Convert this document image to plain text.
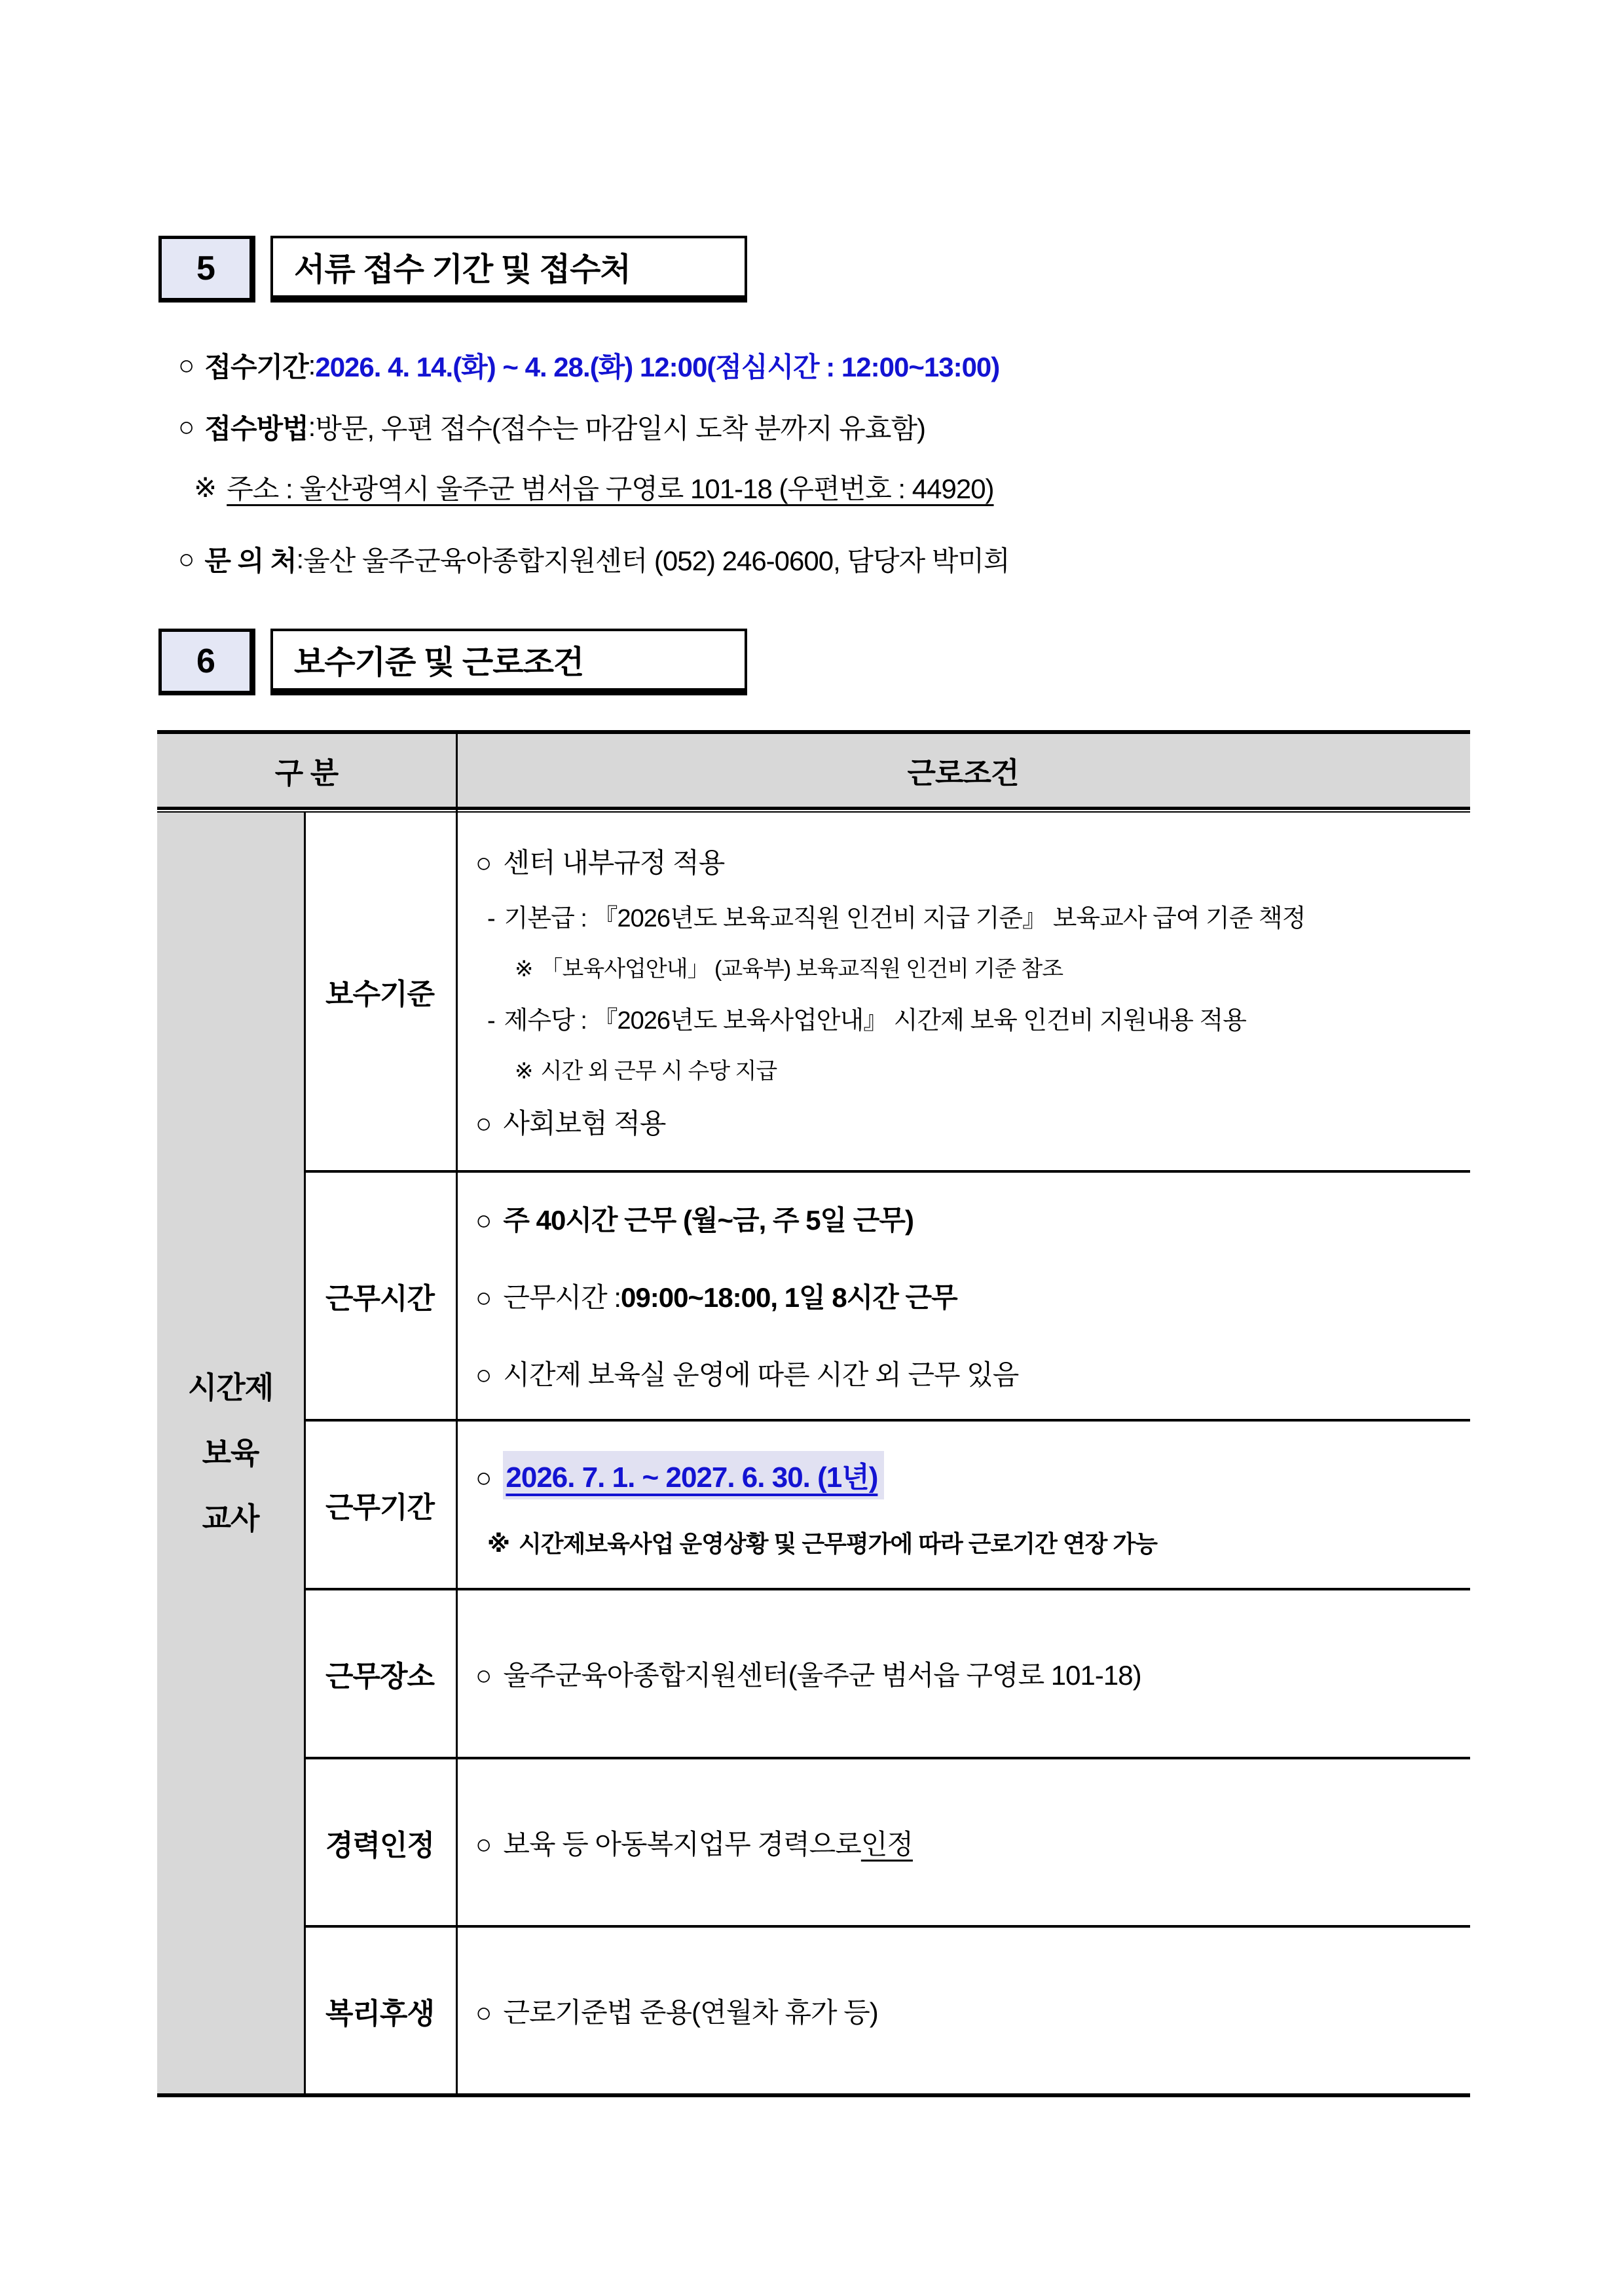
5 서류 접수 기간 및 접수처
○ 접수기간 : 2026. 4. 14.(화) ~ 4. 28.(화) 12:00(점심시간 : 12:00~13:00)
○ 접수방법 : 방문, 우편 접수(접수는 마감일시 도착 분까지 유효함)
※ 주소 : 울산광역시 울주군 범서읍 구영로 101-18 (우편번호 : 44920)
○ 문 의 처 : 울산 울주군육아종합지원센터 (052) 246-0600, 담당자 박미희
6 보수기준 및 근로조건
구 분	근로조건
시간제
보육
교사
보수기준
근무시간
근무기간
근무장소
경력인정
복리후생
○ 센터 내부규정 적용
- 기본급 : 『2026년도 보육교직원 인건비 지급 기준』 보육교사 급여 기준 책정
※ 「보육사업안내」 (교육부) 보육교직원 인건비 기준 참조
- 제수당 : 『2026년도 보육사업안내』 시간제 보육 인건비 지원내용 적용
※ 시간 외 근무 시 수당 지급
○ 사회보험 적용
○ 주 40시간 근무 (월~금, 주 5일 근무)
○ 근무시간 : 09:00~18:00, 1일 8시간 근무
○ 시간제 보육실 운영에 따른 시간 외 근무 있음
○ 2026. 7. 1. ~ 2027. 6. 30. (1년)
※ 시간제보육사업 운영상황 및 근무평가에 따라 근로기간 연장 가능
○ 울주군육아종합지원센터(울주군 범서읍 구영로 101-18)
○ 보육 등 아동복지업무 경력으로 인정
○ 근로기준법 준용(연월차 휴가 등)
